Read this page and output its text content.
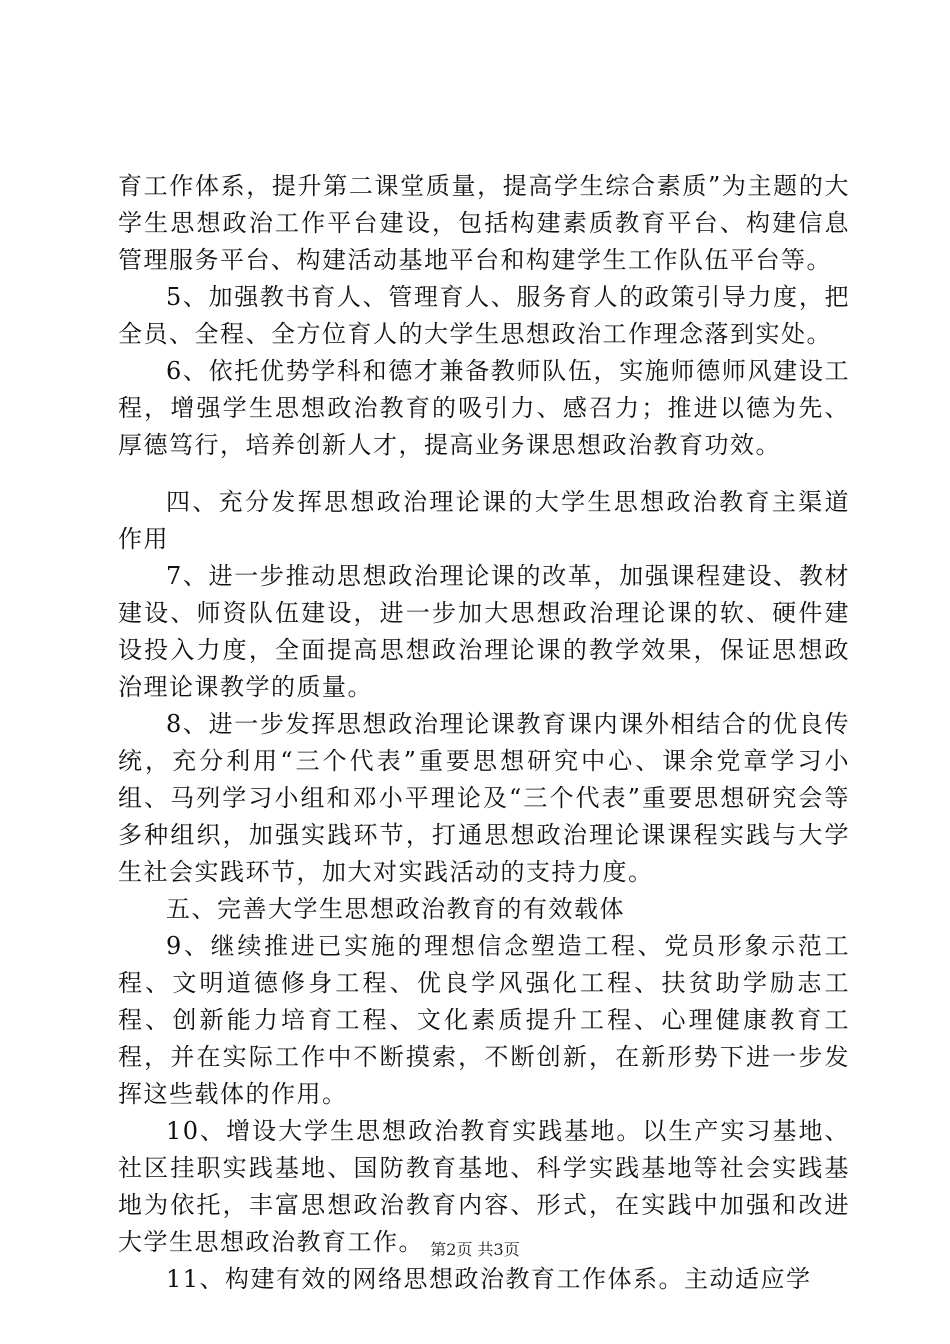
育工作体系，提升第二课堂质量，提高学生综合素质”为主题的大学生思想政治工作平台建设，包括构建素质教育平台、构建信息管理服务平台、构建活动基地平台和构建学生工作队伍平台等。

5、加强教书育人、管理育人、服务育人的政策引导力度，把全员、全程、全方位育人的大学生思想政治工作理念落到实处。

6、依托优势学科和德才兼备教师队伍，实施师德师风建设工程，增强学生思想政治教育的吸引力、感召力；推进以德为先、厚德笃行，培养创新人才，提高业务课思想政治教育功效。

四、充分发挥思想政治理论课的大学生思想政治教育主渠道作用

7、进一步推动思想政治理论课的改革，加强课程建设、教材建设、师资队伍建设，进一步加大思想政治理论课的软、硬件建设投入力度，全面提高思想政治理论课的教学效果，保证思想政治理论课教学的质量。

8、进一步发挥思想政治理论课教育课内课外相结合的优良传统，充分利用“三个代表”重要思想研究中心、课余党章学习小组、马列学习小组和邓小平理论及“三个代表”重要思想研究会等多种组织，加强实践环节，打通思想政治理论课课程实践与大学生社会实践环节，加大对实践活动的支持力度。

五、完善大学生思想政治教育的有效载体

9、继续推进已实施的理想信念塑造工程、党员形象示范工程、文明道德修身工程、优良学风强化工程、扶贫助学励志工程、创新能力培育工程、文化素质提升工程、心理健康教育工程，并在实际工作中不断摸索，不断创新，在新形势下进一步发挥这些载体的作用。

10、增设大学生思想政治教育实践基地。以生产实习基地、社区挂职实践基地、国防教育基地、科学实践基地等社会实践基地为依托，丰富思想政治教育内容、形式，在实践中加强和改进大学生思想政治教育工作。

11、构建有效的网络思想政治教育工作体系。主动适应学

第2页 共3页
